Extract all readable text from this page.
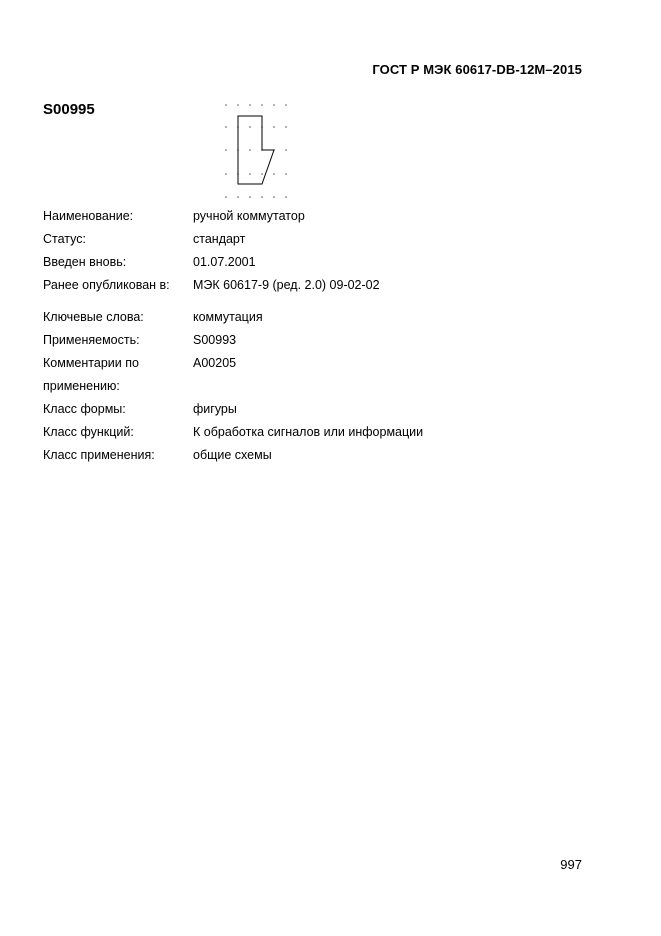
ГОСТ Р МЭК 60617-DB-12M–2015
S00995
Наименование:	ручной коммутатор
Статус:	стандарт
Введен вновь:	01.07.2001
Ранее опубликован в:	МЭК 60617-9 (ред. 2.0) 09-02-02
Ключевые слова:	коммутация
Применяемость:	S00993
Комментарии по	A00205
применению:
Класс формы:	фигуры
Класс функций:	К обработка сигналов или информации
Класс применения:	общие схемы
997
